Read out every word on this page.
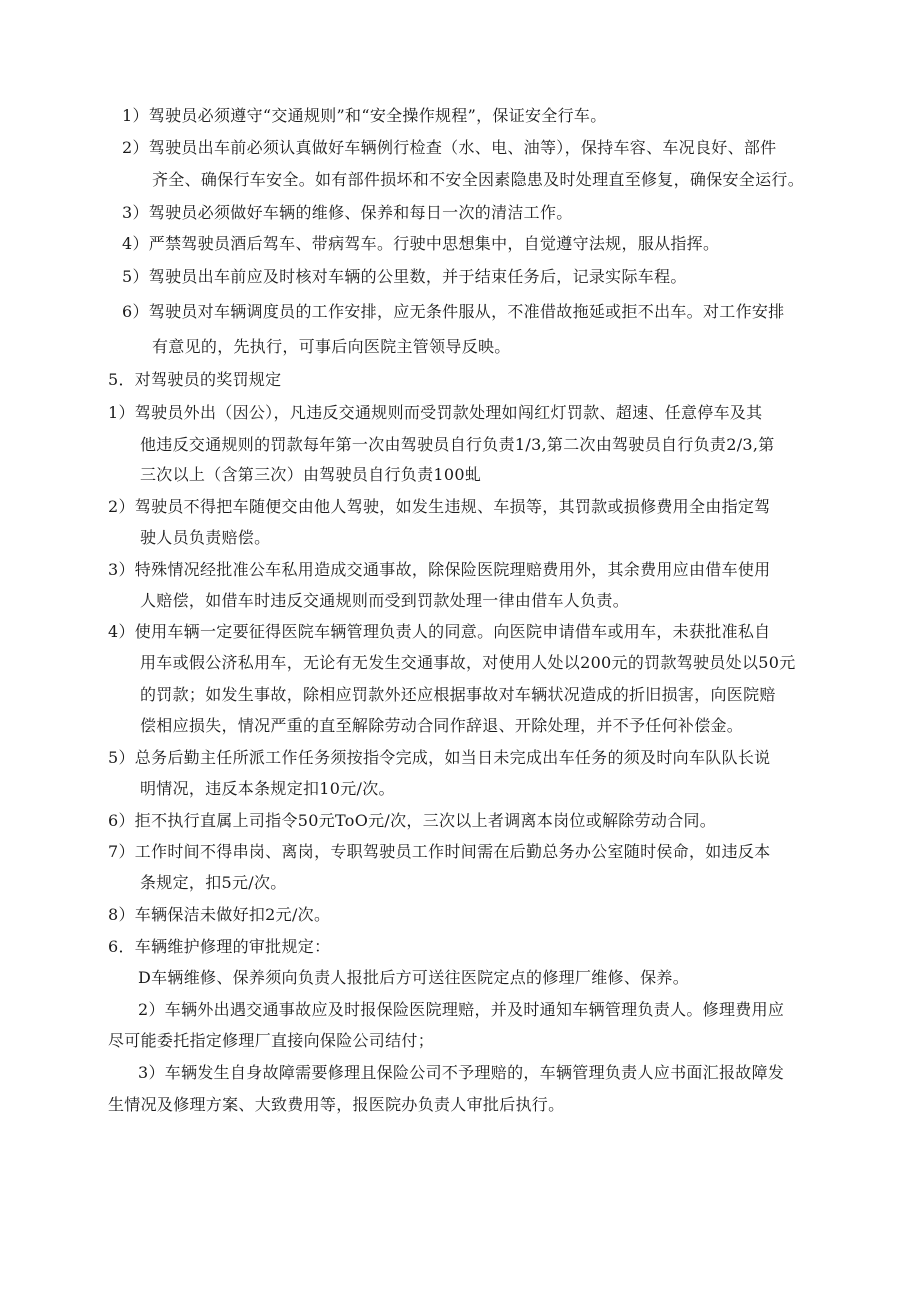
1）驾驶员必须遵守“交通规则”和“安全操作规程”，保证安全行车。
2）驾驶员出车前必须认真做好车辆例行检查（水、电、油等），保持车容、车况良好、部件
齐全、确保行车安全。如有部件损坏和不安全因素隐患及时处理直至修复，确保安全运行。
3）驾驶员必须做好车辆的维修、保养和每日一次的清洁工作。
4）严禁驾驶员酒后驾车、带病驾车。行驶中思想集中，自觉遵守法规，服从指挥。
5）驾驶员出车前应及时核对车辆的公里数，并于结束任务后，记录实际车程。
6）驾驶员对车辆调度员的工作安排，应无条件服从，不准借故拖延或拒不出车。对工作安排
有意见的，先执行，可事后向医院主管领导反映。
5．对驾驶员的奖罚规定
1）驾驶员外出（因公），凡违反交通规则而受罚款处理如闯红灯罚款、超速、任意停车及其
他违反交通规则的罚款每年第一次由驾驶员自行负责1/3,第二次由驾驶员自行负责2/3,第
三次以上（含第三次）由驾驶员自行负责100虬
2）驾驶员不得把车随便交由他人驾驶，如发生违规、车损等，其罚款或损修费用全由指定驾
驶人员负责赔偿。
3）特殊情况经批准公车私用造成交通事故，除保险医院理赔费用外，其余费用应由借车使用
人赔偿，如借车时违反交通规则而受到罚款处理一律由借车人负责。
4）使用车辆一定要征得医院车辆管理负责人的同意。向医院申请借车或用车，未获批准私自
用车或假公济私用车，无论有无发生交通事故，对使用人处以200元的罚款驾驶员处以50元
的罚款；如发生事故，除相应罚款外还应根据事故对车辆状况造成的折旧损害，向医院赔
偿相应损失，情况严重的直至解除劳动合同作辞退、开除处理，并不予任何补偿金。
5）总务后勤主任所派工作任务须按指令完成，如当日未完成出车任务的须及时向车队队长说
明情况，违反本条规定扣10元/次。
6）拒不执行直属上司指令50元ToO元/次，三次以上者调离本岗位或解除劳动合同。
7）工作时间不得串岗、离岗，专职驾驶员工作时间需在后勤总务办公室随时侯命，如违反本
条规定，扣5元/次。
8）车辆保洁未做好扣2元/次。
6．车辆维护修理的审批规定：
D车辆维修、保养须向负责人报批后方可送往医院定点的修理厂维修、保养。
2）车辆外出遇交通事故应及时报保险医院理赔，并及时通知车辆管理负责人。修理费用应
尽可能委托指定修理厂直接向保险公司结付；
3）车辆发生自身故障需要修理且保险公司不予理赔的，车辆管理负责人应书面汇报故障发
生情况及修理方案、大致费用等，报医院办负责人审批后执行。
